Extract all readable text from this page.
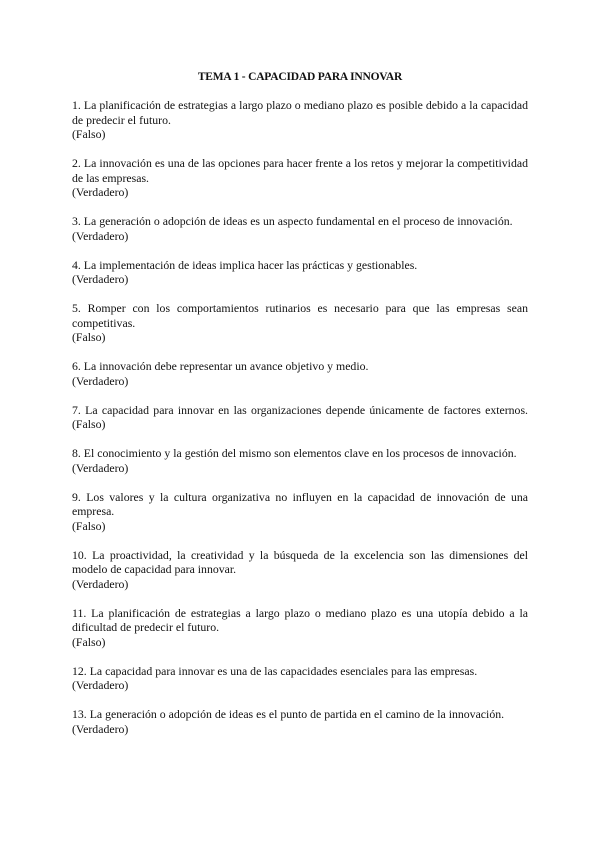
TEMA 1 - CAPACIDAD PARA INNOVAR
1. La planificación de estrategias a largo plazo o mediano plazo es posible debido a la capacidad de predecir el futuro.
(Falso)
2. La innovación es una de las opciones para hacer frente a los retos y mejorar la competitividad de las empresas.
(Verdadero)
3. La generación o adopción de ideas es un aspecto fundamental en el proceso de innovación.
(Verdadero)
4. La implementación de ideas implica hacer las prácticas y gestionables.
(Verdadero)
5. Romper con los comportamientos rutinarios es necesario para que las empresas sean competitivas.
(Falso)
6. La innovación debe representar un avance objetivo y medio.
(Verdadero)
7. La capacidad para innovar en las organizaciones depende únicamente de factores externos.(Falso)
8. El conocimiento y la gestión del mismo son elementos clave en los procesos de innovación.
(Verdadero)
9. Los valores y la cultura organizativa no influyen en la capacidad de innovación de una empresa.
(Falso)
10. La proactividad, la creatividad y la búsqueda de la excelencia son las dimensiones del modelo de capacidad para innovar.
(Verdadero)
11. La planificación de estrategias a largo plazo o mediano plazo es una utopía debido a la dificultad de predecir el futuro.
(Falso)
12. La capacidad para innovar es una de las capacidades esenciales para las empresas.
(Verdadero)
13. La generación o adopción de ideas es el punto de partida en el camino de la innovación.
(Verdadero)
